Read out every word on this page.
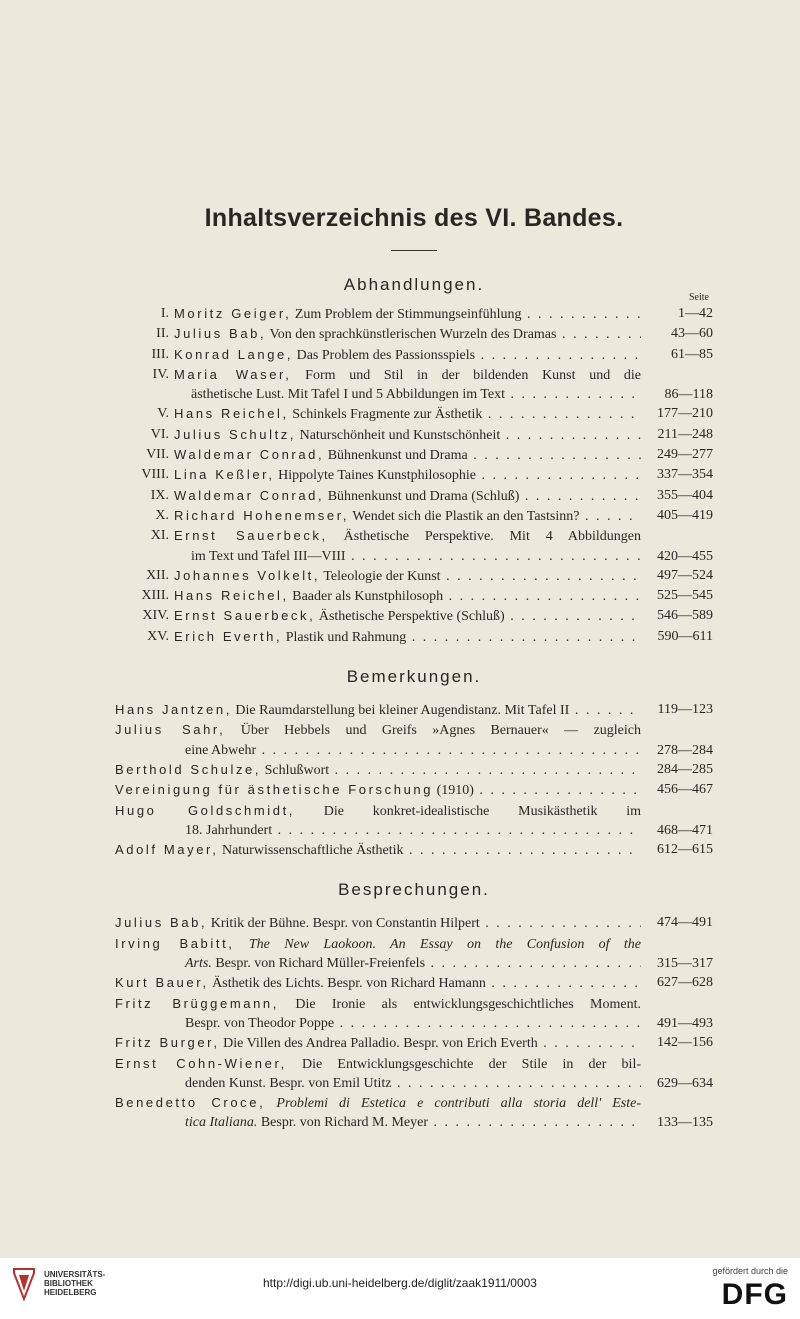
Inhaltsverzeichnis des VI. Bandes.
Abhandlungen.
Seite
I. Moritz Geiger, Zum Problem der Stimmungseinfühlung . . .	1—42
II. Julius Bab, Von den sprachkünstlerischen Wurzeln des Dramas . . .	43—60
III. Konrad Lange, Das Problem des Passionsspiels . . .	61—85
IV. Maria Waser, Form und Stil in der bildenden Kunst und die
ästhetische Lust. Mit Tafel I und 5 Abbildungen im Text . . .	86—118
V. Hans Reichel, Schinkels Fragmente zur Ästhetik . . .	177—210
VI. Julius Schultz, Naturschönheit und Kunstschönheit . . .	211—248
VII. Waldemar Conrad, Bühnenkunst und Drama . . .	249—277
VIII. Lina Keßler, Hippolyte Taines Kunstphilosophie . . .	337—354
IX. Waldemar Conrad, Bühnenkunst und Drama (Schluß) . . .	355—404
X. Richard Hohenemser, Wendet sich die Plastik an den Tastsinn? . . .	405—419
XI. Ernst Sauerbeck, Ästhetische Perspektive. Mit 4 Abbildungen
im Text und Tafel III—VIII . . .	420—455
XII. Johannes Volkelt, Teleologie der Kunst . . .	497—524
XIII. Hans Reichel, Baader als Kunstphilosoph . . .	525—545
XIV. Ernst Sauerbeck, Ästhetische Perspektive (Schluß) . . .	546—589
XV. Erich Everth, Plastik und Rahmung . . .	590—611
Bemerkungen.
Hans Jantzen, Die Raumdarstellung bei kleiner Augendistanz. Mit Tafel II . . .	119—123
Julius Sahr, Über Hebbels und Greifs »Agnes Bernauer« — zugleich
eine Abwehr . . .	278—284
Berthold Schulze, Schlußwort . . .	284—285
Vereinigung für ästhetische Forschung (1910) . . .	456—467
Hugo Goldschmidt, Die konkret-idealistische Musikästhetik im
18. Jahrhundert . . .	468—471
Adolf Mayer, Naturwissenschaftliche Ästhetik . . .	612—615
Besprechungen.
Julius Bab, Kritik der Bühne. Bespr. von Constantin Hilpert . . .	474—491
Irving Babitt, The New Laokoon. An Essay on the Confusion of the
Arts. Bespr. von Richard Müller-Freienfels . . .	315—317
Kurt Bauer, Ästhetik des Lichts. Bespr. von Richard Hamann . . .	627—628
Fritz Brüggemann, Die Ironie als entwicklungsgeschichtliches Moment.
Bespr. von Theodor Poppe . . .	491—493
Fritz Burger, Die Villen des Andrea Palladio. Bespr. von Erich Everth . . .	142—156
Ernst Cohn-Wiener, Die Entwicklungsgeschichte der Stile in der bil-
denden Kunst. Bespr. von Emil Utitz . . .	629—634
Benedetto Croce, Problemi di Estetica e contributi alla storia dell' Este-
tica Italiana. Bespr. von Richard M. Meyer . . .	133—135
UNIVERSITÄTS-
BIBLIOTHEK
HEIDELBERG
http://digi.ub.uni-heidelberg.de/diglit/zaak1911/0003
gefördert durch die
DFG
